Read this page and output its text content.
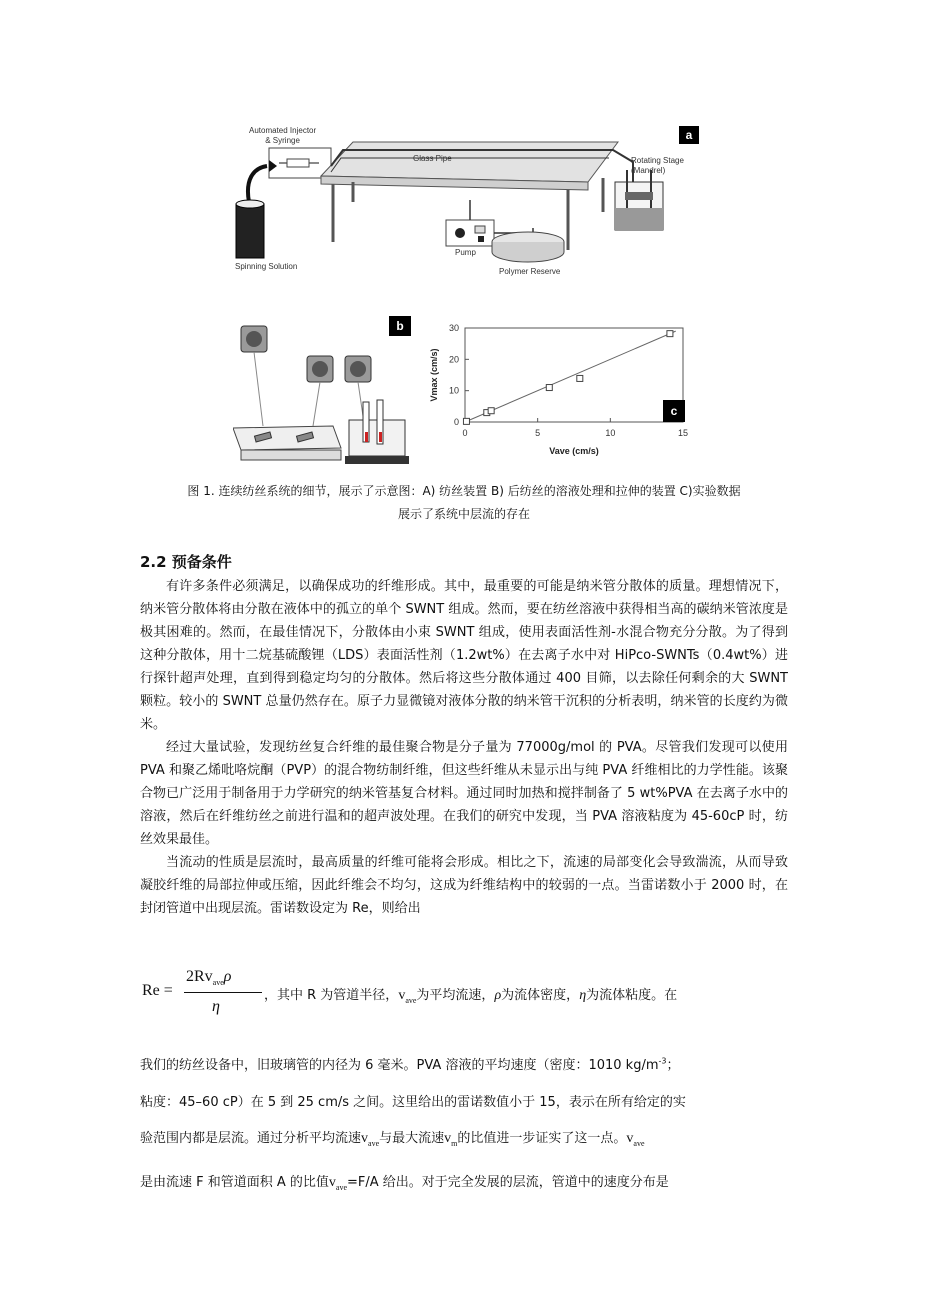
Automated Injector
& Syringe
Glass Pipe	Rotating Stage
(Mandrel)
Spinning Solution
Pump
Polymer Reserve
a
b
0	5	10	15
0
10
20
30
Vave (cm/s)
Vmax (cm/s)
c
图 1. 连续纺丝系统的细节，展示了示意图：A) 纺丝装置 B) 后纺丝的溶液处理和拉伸的装置 C)实验数据
展示了系统中层流的存在
2.2 预备条件

有许多条件必须满足，以确保成功的纤维形成。其中，最重要的可能是纳米管分散体的质量。理想情况下，纳米管分散体将由分散在液体中的孤立的单个 SWNT 组成。然而，要在纺丝溶液中获得相当高的碳纳米管浓度是极其困难的。然而，在最佳情况下，分散体由小束 SWNT 组成，使用表面活性剂-水混合物充分分散。为了得到这种分散体，用十二烷基硫酸锂（LDS）表面活性剂（1.2wt%）在去离子水中对 HiPco-SWNTs（0.4wt%）进行探针超声处理，直到得到稳定均匀的分散体。然后将这些分散体通过 400 目筛，以去除任何剩余的大 SWNT 颗粒。较小的 SWNT 总量仍然存在。原子力显微镜对液体分散的纳米管干沉积的分析表明，纳米管的长度约为微米。

经过大量试验，发现纺丝复合纤维的最佳聚合物是分子量为 77000g/mol 的 PVA。尽管我们发现可以使用 PVA 和聚乙烯吡咯烷酮（PVP）的混合物纺制纤维，但这些纤维从未显示出与纯 PVA 纤维相比的力学性能。该聚合物已广泛用于制备用于力学研究的纳米管基复合材料。通过同时加热和搅拌制备了 5 wt%PVA 在去离子水中的溶液，然后在纤维纺丝之前进行温和的超声波处理。在我们的研究中发现，当 PVA 溶液粘度为 45-60cP 时，纺丝效果最佳。

当流动的性质是层流时，最高质量的纤维可能将会形成。相比之下，流速的局部变化会导致湍流，从而导致凝胶纤维的局部拉伸或压缩，因此纤维会不均匀，这成为纤维结构中的较弱的一点。当雷诺数小于 2000 时，在封闭管道中出现层流。雷诺数设定为 Re，则给出

Re =
$2Rv_{ave}\rho$
η
，其中 R 为管道半径，$v_{ave}$为平均流速，ρ为流体密度，η为流体粘度。在
我们的纺丝设备中，旧玻璃管的内径为 6 毫米。PVA 溶液的平均速度（密度：1010 $kg/m^{-3}$；
粘度：45–60 cP）在 5 到 25 cm/s 之间。这里给出的雷诺数值小于 15，表示在所有给定的实
验范围内都是层流。通过分析平均流速$v_{ave}$与最大流速$v_m$的比值进一步证实了这一点。$v_{ave}$
是由流速 F 和管道面积 A 的比值$v_{ave}=F/A$ 给出。对于完全发展的层流，管道中的速度分布是
